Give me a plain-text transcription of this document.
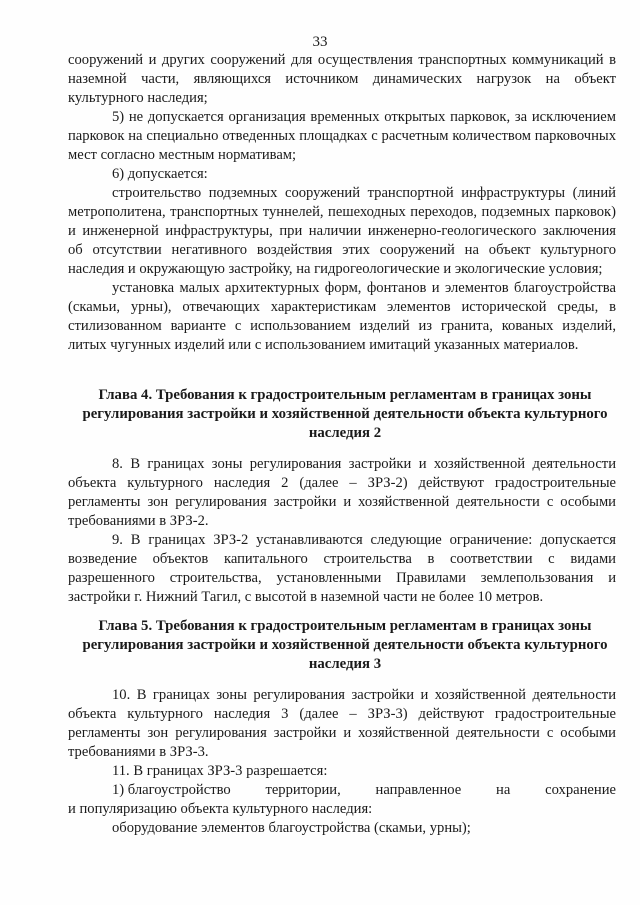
33

сооружений и других сооружений для осуществления транспортных коммуникаций в наземной части, являющихся источником динамических нагрузок на объект культурного наследия;

5) не допускается организация временных открытых парковок, за исключением парковок на специально отведенных площадках с расчетным количеством парковочных мест согласно местным нормативам;

6) допускается:

строительство подземных сооружений транспортной инфраструктуры (линий метрополитена, транспортных туннелей, пешеходных переходов, подземных парковок) и инженерной инфраструктуры, при наличии инженерно-геологического заключения об отсутствии негативного воздействия этих сооружений на объект культурного наследия и окружающую застройку, на гидрогеологические и экологические условия;

установка малых архитектурных форм, фонтанов и элементов благоустройства (скамьи, урны), отвечающих характеристикам элементов исторической среды, в стилизованном варианте с использованием изделий из гранита, кованых изделий, литых чугунных изделий или с использованием имитаций указанных материалов.

Глава 4. Требования к градостроительным регламентам в границах зоны регулирования застройки и хозяйственной деятельности объекта культурного наследия 2

8. В границах зоны регулирования застройки и хозяйственной деятельности объекта культурного наследия 2 (далее – ЗРЗ-2) действуют градостроительные регламенты зон регулирования застройки и хозяйственной деятельности с особыми требованиями в ЗРЗ-2.

9. В границах ЗРЗ-2 устанавливаются следующие ограничение: допускается возведение объектов капитального строительства в соответствии с видами разрешенного строительства, установленными Правилами землепользования и застройки г. Нижний Тагил, с высотой в наземной части не более 10 метров.

Глава 5. Требования к градостроительным регламентам в границах зоны регулирования застройки и хозяйственной деятельности объекта культурного наследия 3

10. В границах зоны регулирования застройки и хозяйственной деятельности объекта культурного наследия 3 (далее – ЗРЗ-3) действуют градостроительные регламенты зон регулирования застройки и хозяйственной деятельности с особыми требованиями в ЗРЗ-3.

11. В границах ЗРЗ-3 разрешается:

1) благоустройство территории, направленное на сохранение

и популяризацию объекта культурного наследия:

оборудование элементов благоустройства (скамьи, урны);
